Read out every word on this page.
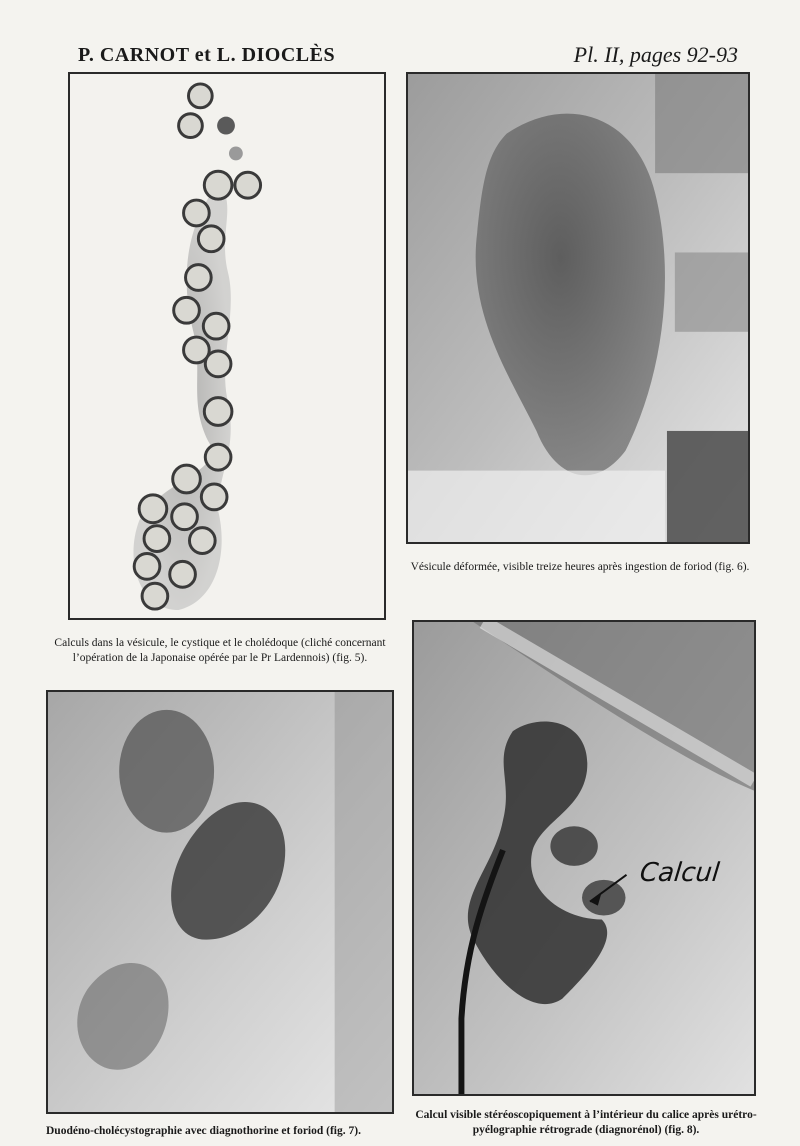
P. CARNOT et L. DIOCLÈS	Pl. II, pages 92-93
Calculs dans la vésicule, le cystique et le cholédoque (cliché concernant l’opération de la Japonaise opérée par le Pr Lardennois) (fig. 5).
Vésicule déformée, visible treize heures après ingestion de foriod (fig. 6).
Duodéno-cholécystographie avec diagnothorine et foriod (fig. 7).
Calcul
Calcul visible stéréoscopiquement à l’intérieur du calice après urétro-pyélographie rétrograde (diagnorénol) (fig. 8).
